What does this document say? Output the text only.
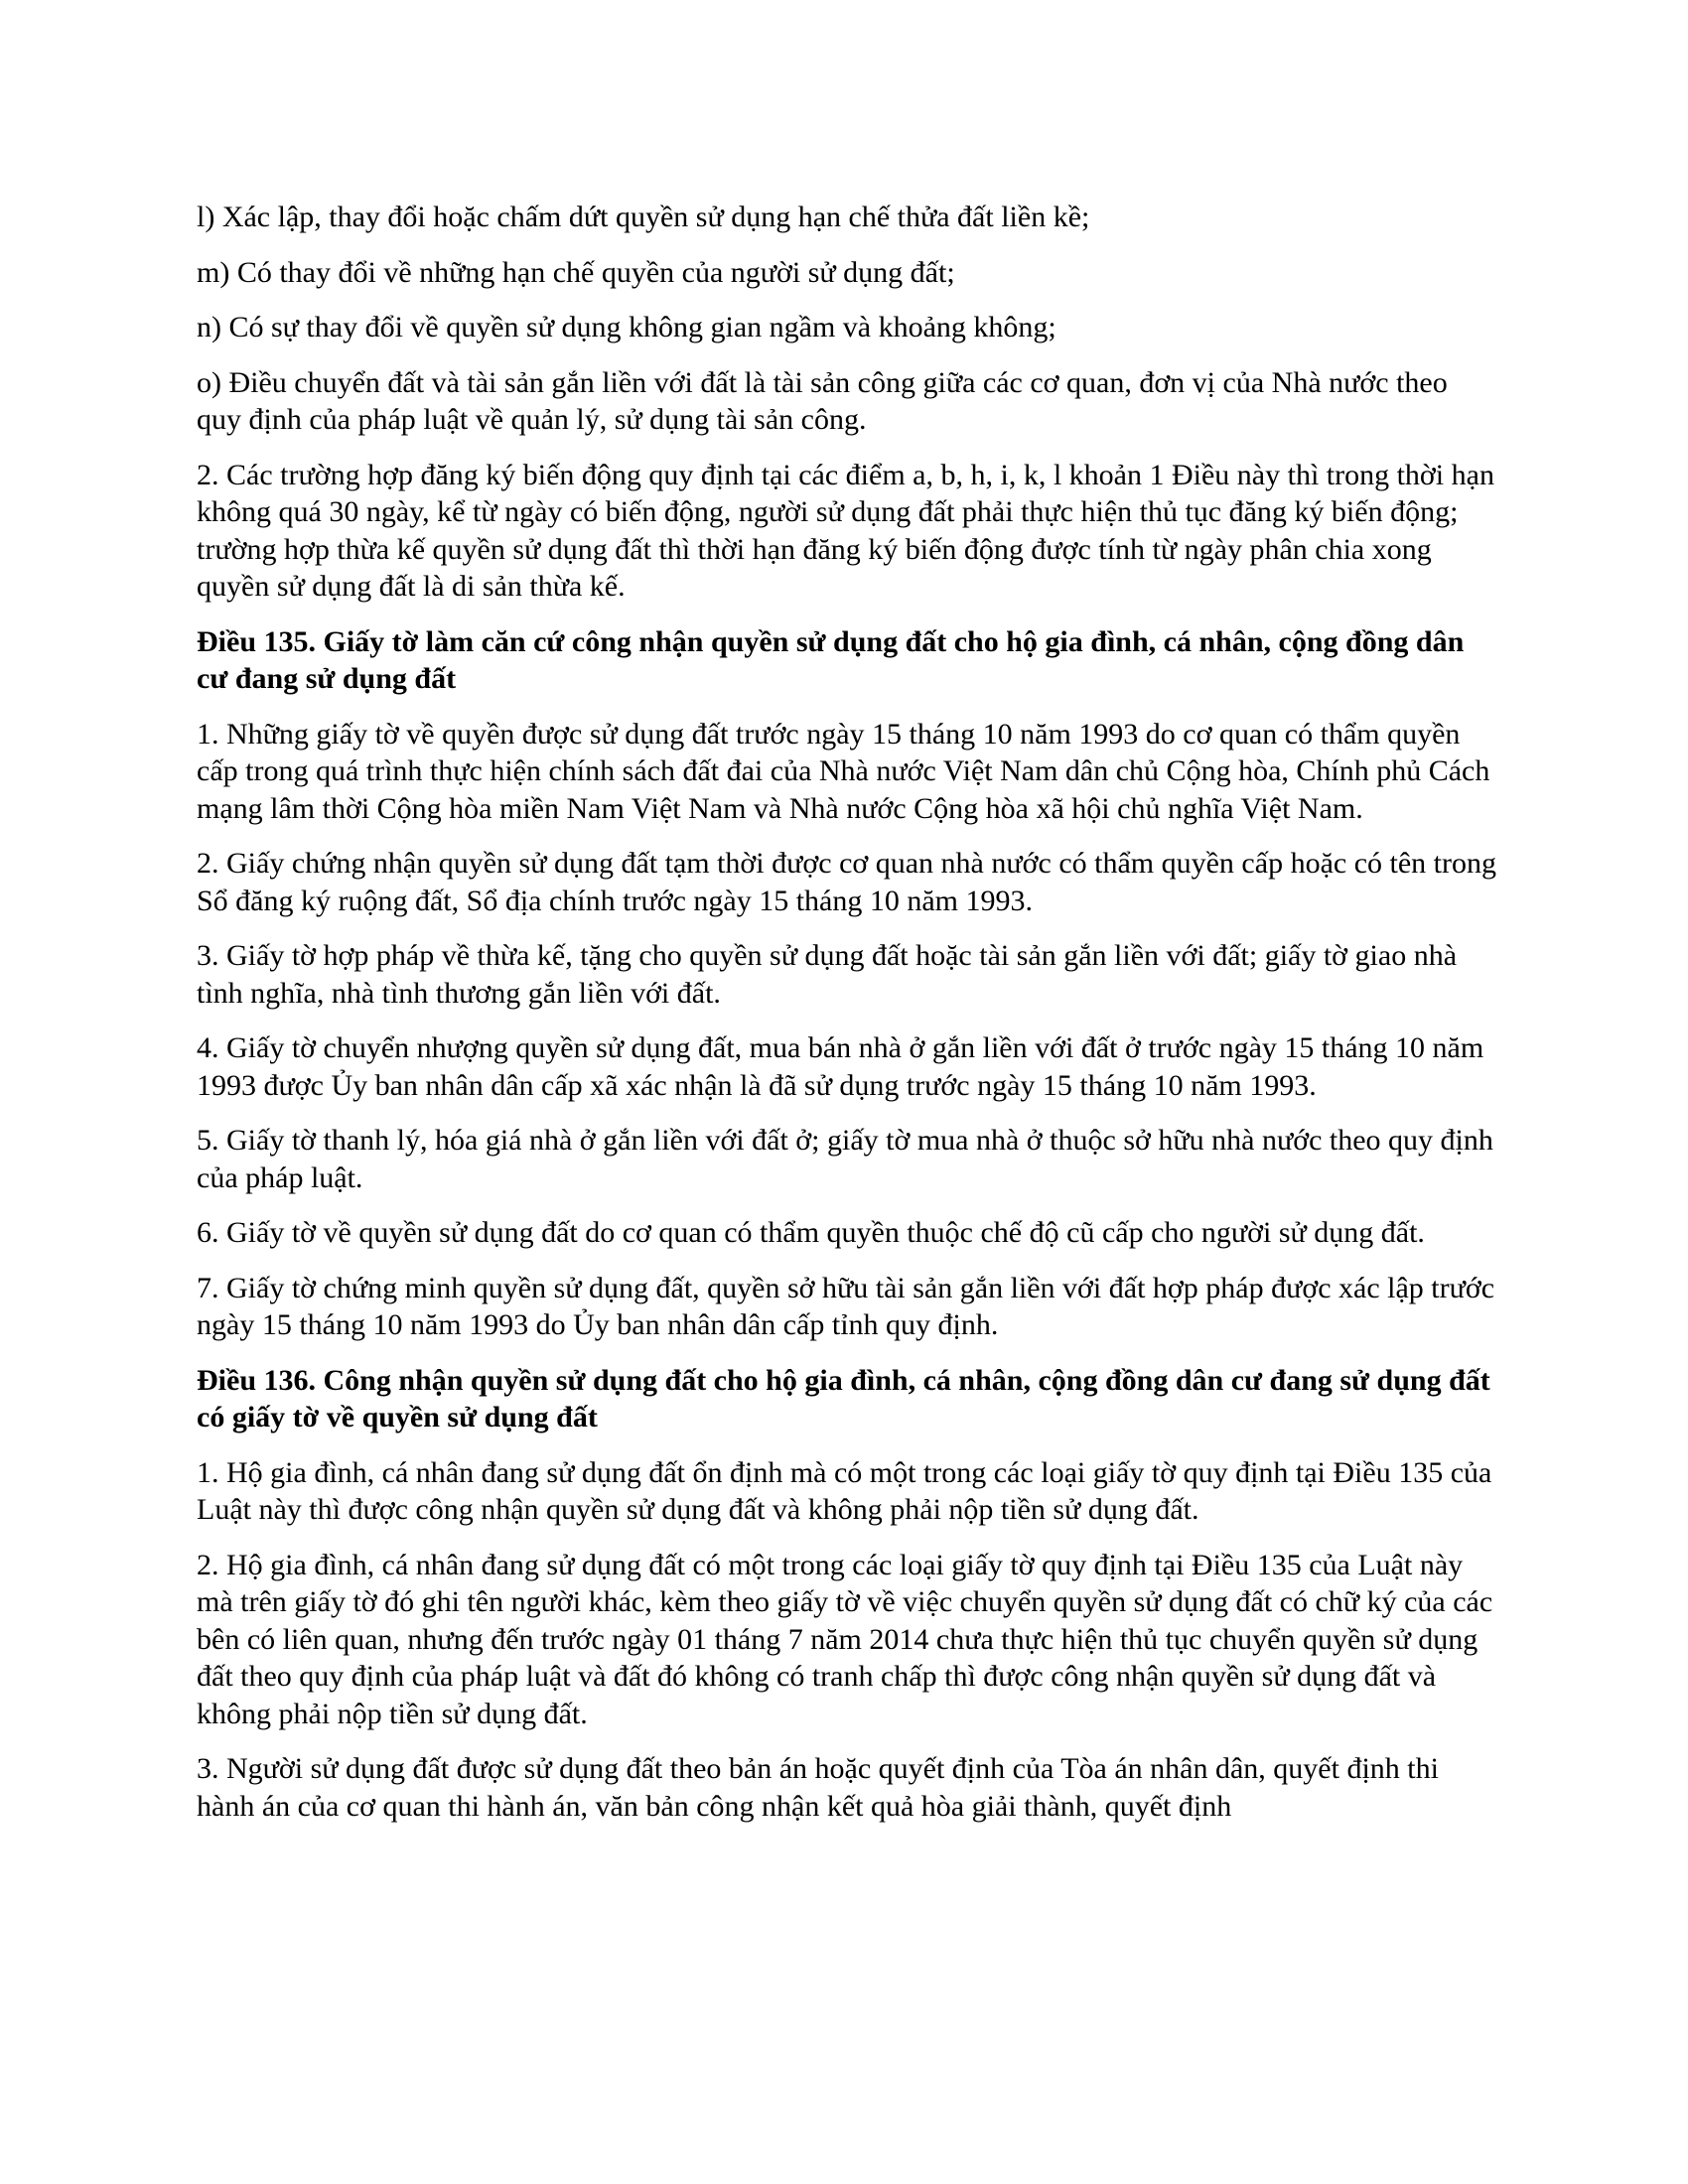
l) Xác lập, thay đổi hoặc chấm dứt quyền sử dụng hạn chế thửa đất liền kề;

m) Có thay đổi về những hạn chế quyền của người sử dụng đất;

n) Có sự thay đổi về quyền sử dụng không gian ngầm và khoảng không;

o) Điều chuyển đất và tài sản gắn liền với đất là tài sản công giữa các cơ quan, đơn vị của Nhà nước theo quy định của pháp luật về quản lý, sử dụng tài sản công.

2. Các trường hợp đăng ký biến động quy định tại các điểm a, b, h, i, k, l khoản 1 Điều này thì trong thời hạn không quá 30 ngày, kể từ ngày có biến động, người sử dụng đất phải thực hiện thủ tục đăng ký biến động; trường hợp thừa kế quyền sử dụng đất thì thời hạn đăng ký biến động được tính từ ngày phân chia xong quyền sử dụng đất là di sản thừa kế.

Điều 135. Giấy tờ làm căn cứ công nhận quyền sử dụng đất cho hộ gia đình, cá nhân, cộng đồng dân cư đang sử dụng đất

1. Những giấy tờ về quyền được sử dụng đất trước ngày 15 tháng 10 năm 1993 do cơ quan có thẩm quyền cấp trong quá trình thực hiện chính sách đất đai của Nhà nước Việt Nam dân chủ Cộng hòa, Chính phủ Cách mạng lâm thời Cộng hòa miền Nam Việt Nam và Nhà nước Cộng hòa xã hội chủ nghĩa Việt Nam.

2. Giấy chứng nhận quyền sử dụng đất tạm thời được cơ quan nhà nước có thẩm quyền cấp hoặc có tên trong Sổ đăng ký ruộng đất, Sổ địa chính trước ngày 15 tháng 10 năm 1993.

3. Giấy tờ hợp pháp về thừa kế, tặng cho quyền sử dụng đất hoặc tài sản gắn liền với đất; giấy tờ giao nhà tình nghĩa, nhà tình thương gắn liền với đất.

4. Giấy tờ chuyển nhượng quyền sử dụng đất, mua bán nhà ở gắn liền với đất ở trước ngày 15 tháng 10 năm 1993 được Ủy ban nhân dân cấp xã xác nhận là đã sử dụng trước ngày 15 tháng 10 năm 1993.

5. Giấy tờ thanh lý, hóa giá nhà ở gắn liền với đất ở; giấy tờ mua nhà ở thuộc sở hữu nhà nước theo quy định của pháp luật.

6. Giấy tờ về quyền sử dụng đất do cơ quan có thẩm quyền thuộc chế độ cũ cấp cho người sử dụng đất.

7. Giấy tờ chứng minh quyền sử dụng đất, quyền sở hữu tài sản gắn liền với đất hợp pháp được xác lập trước ngày 15 tháng 10 năm 1993 do Ủy ban nhân dân cấp tỉnh quy định.

Điều 136. Công nhận quyền sử dụng đất cho hộ gia đình, cá nhân, cộng đồng dân cư đang sử dụng đất có giấy tờ về quyền sử dụng đất

1. Hộ gia đình, cá nhân đang sử dụng đất ổn định mà có một trong các loại giấy tờ quy định tại Điều 135 của Luật này thì được công nhận quyền sử dụng đất và không phải nộp tiền sử dụng đất.

2. Hộ gia đình, cá nhân đang sử dụng đất có một trong các loại giấy tờ quy định tại Điều 135 của Luật này mà trên giấy tờ đó ghi tên người khác, kèm theo giấy tờ về việc chuyển quyền sử dụng đất có chữ ký của các bên có liên quan, nhưng đến trước ngày 01 tháng 7 năm 2014 chưa thực hiện thủ tục chuyển quyền sử dụng đất theo quy định của pháp luật và đất đó không có tranh chấp thì được công nhận quyền sử dụng đất và không phải nộp tiền sử dụng đất.

3. Người sử dụng đất được sử dụng đất theo bản án hoặc quyết định của Tòa án nhân dân, quyết định thi hành án của cơ quan thi hành án, văn bản công nhận kết quả hòa giải thành, quyết định
